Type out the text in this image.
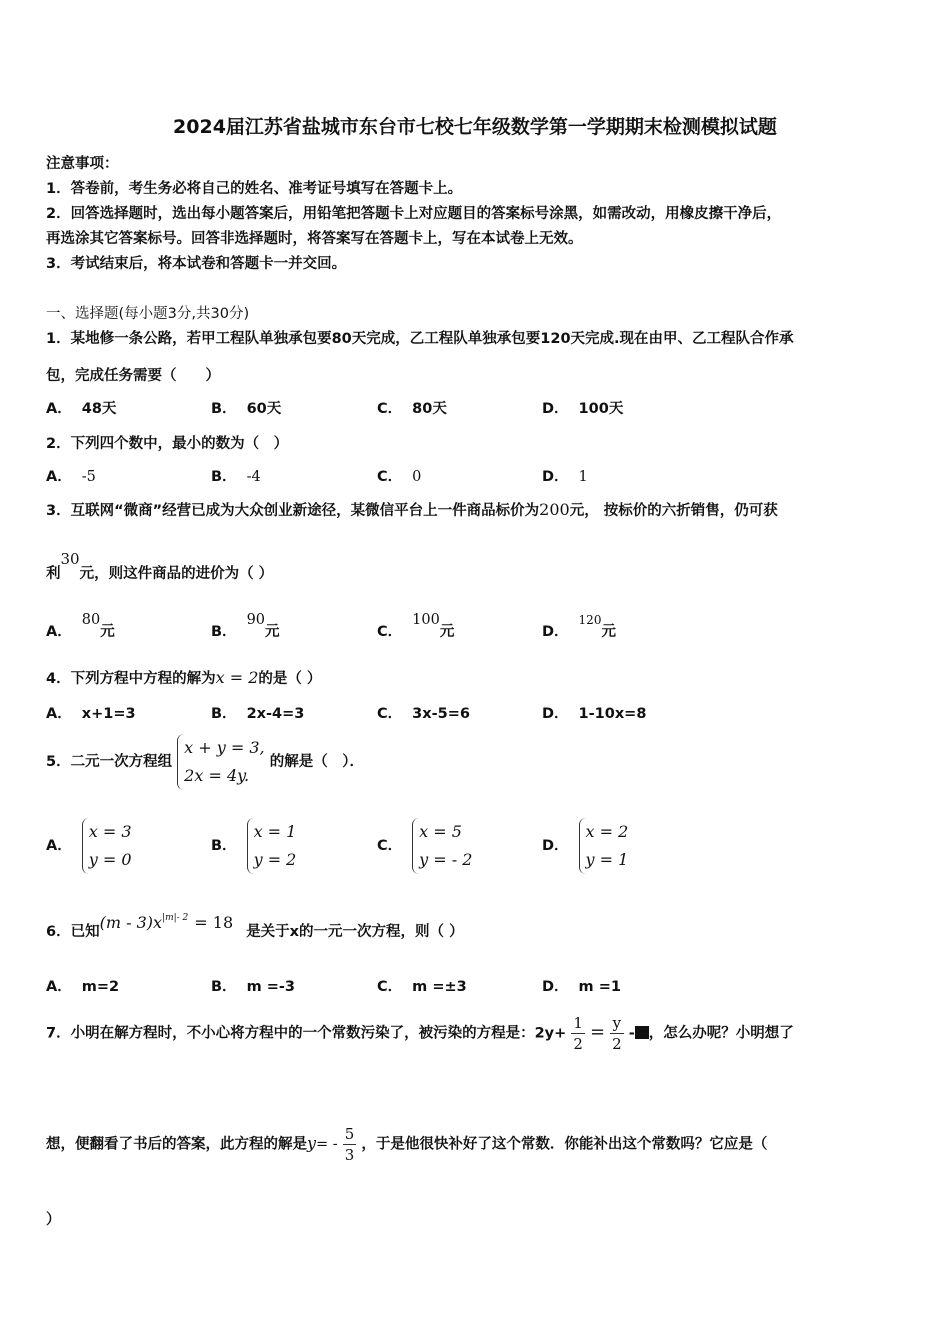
2024届江苏省盐城市东台市七校七年级数学第一学期期末检测模拟试题
注意事项：
1．答卷前，考生务必将自己的姓名、准考证号填写在答题卡上。
2．回答选择题时，选出每小题答案后，用铅笔把答题卡上对应题目的答案标号涂黑，如需改动，用橡皮擦干净后，
再选涂其它答案标号。回答非选择题时，将答案写在答题卡上，写在本试卷上无效。
3．考试结束后，将本试卷和答题卡一并交回。
一、选择题(每小题3分,共30分)
1．某地修一条公路，若甲工程队单独承包要80天完成，乙工程队单独承包要120天完成.现在由甲、乙工程队合作承
包，完成任务需要（　　）
A． 48天	B． 60天	C． 80天	D． 100天
2．下列四个数中，最小的数为（　）
A． -5	B． -4	C． 0	D． 1
3．互联网“微商”经营已成为大众创业新途径，某微信平台上一件商品标价为200元， 按标价的六折销售，仍可获
利30元，则这件商品的进价为（ ）
A．80元	B．90元	C．100元	D．$^{120}$元
4．下列方程中方程的解为x = 2的是（ ）
A． x+1=3	B． 2x-4=3	C． 3x-5=6	D． 1-10x=8
5．二元一次方程组
x + y = 3,
2x = 4y.
的解是（　）．
A．
x = 3
y = 0
B．
x = 1
y = 2
C．
x = 5
y = - 2
D．
x = 2
y = 1
6．已知$(m - 3)x^{|m|- 2} = 18$ 是关于x的一元一次方程，则（ ）
A． m=2	B． m =-3	C． m =±3	D． m =1
7．小明在解方程时，不小心将方程中的一个常数污染了，被污染的方程是：$2y+ \frac{1}{2} = \frac{y}{2}$ - ，怎么办呢？小明想了
想，便翻看了书后的答案，此方程的解是$y= - \frac{5}{3}$ ，于是他很快补好了这个常数．你能补出这个常数吗？它应是（
）
